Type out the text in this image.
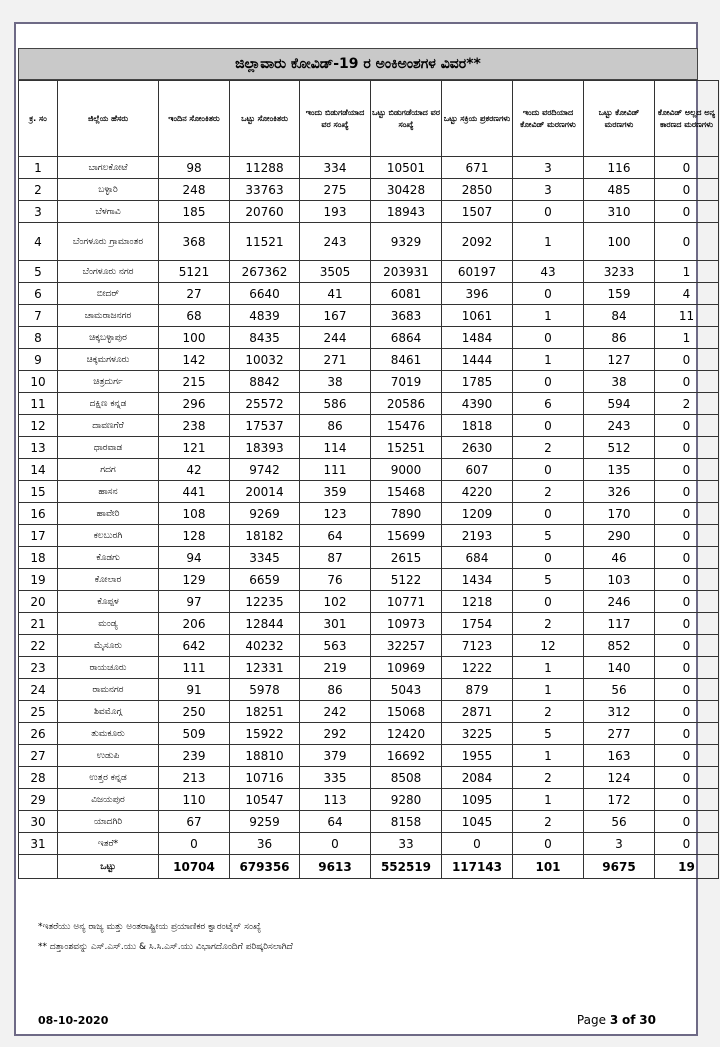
ಜಿಲ್ಲಾವಾರು ಕೋವಿಡ್-19 ರ ಅಂಕಿಅಂಶಗಳ ವಿವರ**
ಕ್ರ. ಸಂ	ಜಿಲ್ಲೆಯ ಹೆಸರು	ಇಂದಿನ ಸೋಂಕಿತರು	ಒಟ್ಟು ಸೋಂಕಿತರು	ಇಂದು ಬಿಡುಗಡೆಯಾದ ವರ ಸಂಖ್ಯೆ	ಒಟ್ಟು ಬಿಡುಗಡೆಯಾದ ವರ ಸಂಖ್ಯೆ	ಒಟ್ಟು ಸಕ್ರಿಯ ಪ್ರಕರಣಗಳು	ಇಂದು ವರದಿಯಾದ ಕೋವಿಡ್ ಮರಣಗಳು	ಒಟ್ಟು ಕೋವಿಡ್ ಮರಣಗಳು	ಕೋವಿಡ್ ಅಲ್ಲದ ಅನ್ಯ ಕಾರಣದ ಮರಣಗಳು
1	ಬಾಗಲಕೋಟೆ	98	11288	334	10501	671	3	116	0
2	ಬಳ್ಳಾರಿ	248	33763	275	30428	2850	3	485	0
3	ಬೆಳಗಾವಿ	185	20760	193	18943	1507	0	310	0
4	ಬೆಂಗಳೂರು ಗ್ರಾಮಾಂತರ	368	11521	243	9329	2092	1	100	0
5	ಬೆಂಗಳೂರು ನಗರ	5121	267362	3505	203931	60197	43	3233	1
6	ಬೀದರ್	27	6640	41	6081	396	0	159	4
7	ಚಾಮರಾಜನಗರ	68	4839	167	3683	1061	1	84	11
8	ಚಿಕ್ಕಬಳ್ಳಾಪುರ	100	8435	244	6864	1484	0	86	1
9	ಚಿಕ್ಕಮಗಳೂರು	142	10032	271	8461	1444	1	127	0
10	ಚಿತ್ರದುರ್ಗ	215	8842	38	7019	1785	0	38	0
11	ದಕ್ಷಿಣ ಕನ್ನಡ	296	25572	586	20586	4390	6	594	2
12	ದಾವಣಗೆರೆ	238	17537	86	15476	1818	0	243	0
13	ಧಾರವಾಡ	121	18393	114	15251	2630	2	512	0
14	ಗದಗ	42	9742	111	9000	607	0	135	0
15	ಹಾಸನ	441	20014	359	15468	4220	2	326	0
16	ಹಾವೇರಿ	108	9269	123	7890	1209	0	170	0
17	ಕಲಬುರಗಿ	128	18182	64	15699	2193	5	290	0
18	ಕೊಡಗು	94	3345	87	2615	684	0	46	0
19	ಕೋಲಾರ	129	6659	76	5122	1434	5	103	0
20	ಕೊಪ್ಪಳ	97	12235	102	10771	1218	0	246	0
21	ಮಂಡ್ಯ	206	12844	301	10973	1754	2	117	0
22	ಮೈಸೂರು	642	40232	563	32257	7123	12	852	0
23	ರಾಯಚೂರು	111	12331	219	10969	1222	1	140	0
24	ರಾಮನಗರ	91	5978	86	5043	879	1	56	0
25	ಶಿವಮೊಗ್ಗ	250	18251	242	15068	2871	2	312	0
26	ತುಮಕೂರು	509	15922	292	12420	3225	5	277	0
27	ಉಡುಪಿ	239	18810	379	16692	1955	1	163	0
28	ಉತ್ತರ ಕನ್ನಡ	213	10716	335	8508	2084	2	124	0
29	ವಿಜಯಪುರ	110	10547	113	9280	1095	1	172	0
30	ಯಾದಗಿರಿ	67	9259	64	8158	1045	2	56	0
31	ಇತರೆ*	0	36	0	33	0	0	3	0
	ಒಟ್ಟು	10704	679356	9613	552519	117143	101	9675	19
*ಇತರೆಯು ಅನ್ಯ ರಾಜ್ಯ ಮತ್ತು ಅಂತರಾಷ್ಟ್ರೀಯ ಪ್ರಯಾಣಿಕರ ಕ್ವಾರಂಟೈನ್ ಸಂಖ್ಯೆ
** ದತ್ತಾಂಶವನ್ನು ಎಸ್.ಎಸ್.ಯು & ಸಿ.ಸಿ.ಎಸ್.ಯು ವಿಭಾಗದೊಂದಿಗೆ ಪರಿಷ್ಕರಿಸಲಾಗಿದೆ
08-10-2020	Page 3 of 30
